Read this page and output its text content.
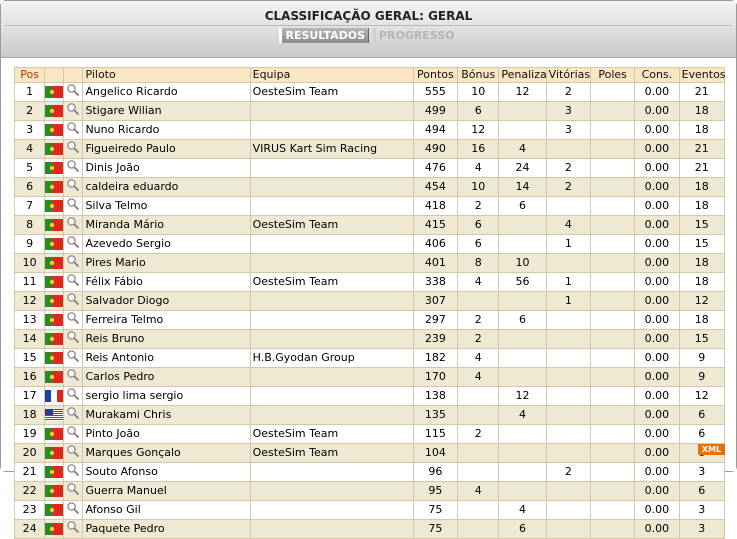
CLASSIFICAÇÃO GERAL: GERAL
RESULTADOS PROGRESSO
Pos			Piloto	Equipa	Pontos	Bónus	Penaliza	Vitórias	Poles	Cons.	Eventos
1			Angelico Ricardo	OesteSim Team	555	10	12	2		0.00	21
2			Stigare Wilian		499	6		3		0.00	18
3			Nuno Ricardo		494	12		3		0.00	18
4			Figueiredo Paulo	VIRUS Kart Sim Racing	490	16	4			0.00	21
5			Dinis João		476	4	24	2		0.00	21
6			caldeira eduardo		454	10	14	2		0.00	18
7			Silva Telmo		418	2	6			0.00	18
8			Miranda Mário	OesteSim Team	415	6		4		0.00	15
9			Azevedo Sergio		406	6		1		0.00	15
10			Pires Mario		401	8	10			0.00	18
11			Félix Fábio	OesteSim Team	338	4	56	1		0.00	18
12			Salvador Diogo		307			1		0.00	12
13			Ferreira Telmo		297	2	6			0.00	18
14			Reis Bruno		239	2				0.00	15
15			Reis Antonio	H.B.Gyodan Group	182	4				0.00	9
16			Carlos Pedro		170	4				0.00	9
17			sergio lima sergio		138		12			0.00	12
18			Murakami Chris		135		4			0.00	6
19			Pinto João	OesteSim Team	115	2				0.00	6
20			Marques Gonçalo	OesteSim Team	104					0.00	
21			Souto Afonso		96			2		0.00	3
22			Guerra Manuel		95	4				0.00	6
23			Afonso Gil		75		4			0.00	3
24			Paquete Pedro		75		6			0.00	3
XML
